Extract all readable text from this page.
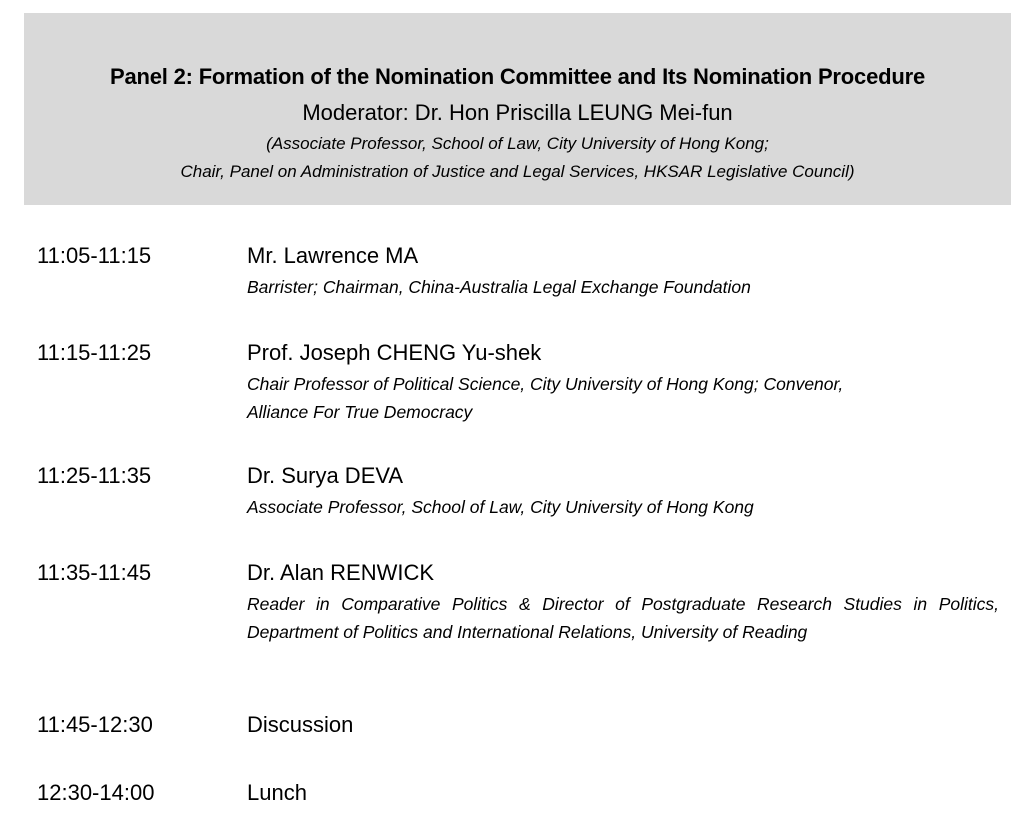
Panel 2: Formation of the Nomination Committee and Its Nomination Procedure
Moderator: Dr. Hon Priscilla LEUNG Mei-fun
(Associate Professor, School of Law, City University of Hong Kong;
Chair, Panel on Administration of Justice and Legal Services, HKSAR Legislative Council)
11:05-11:15	Mr. Lawrence MA
Barrister; Chairman, China-Australia Legal Exchange Foundation
11:15-11:25	Prof. Joseph CHENG Yu-shek
Chair Professor of Political Science, City University of Hong Kong; Convenor,
Alliance For True Democracy
11:25-11:35	Dr. Surya DEVA
Associate Professor, School of Law, City University of Hong Kong
11:35-11:45	Dr. Alan RENWICK
Reader in Comparative Politics & Director of Postgraduate Research Studies in Politics, Department of Politics and International Relations, University of Reading
11:45-12:30	Discussion
12:30-14:00	Lunch
